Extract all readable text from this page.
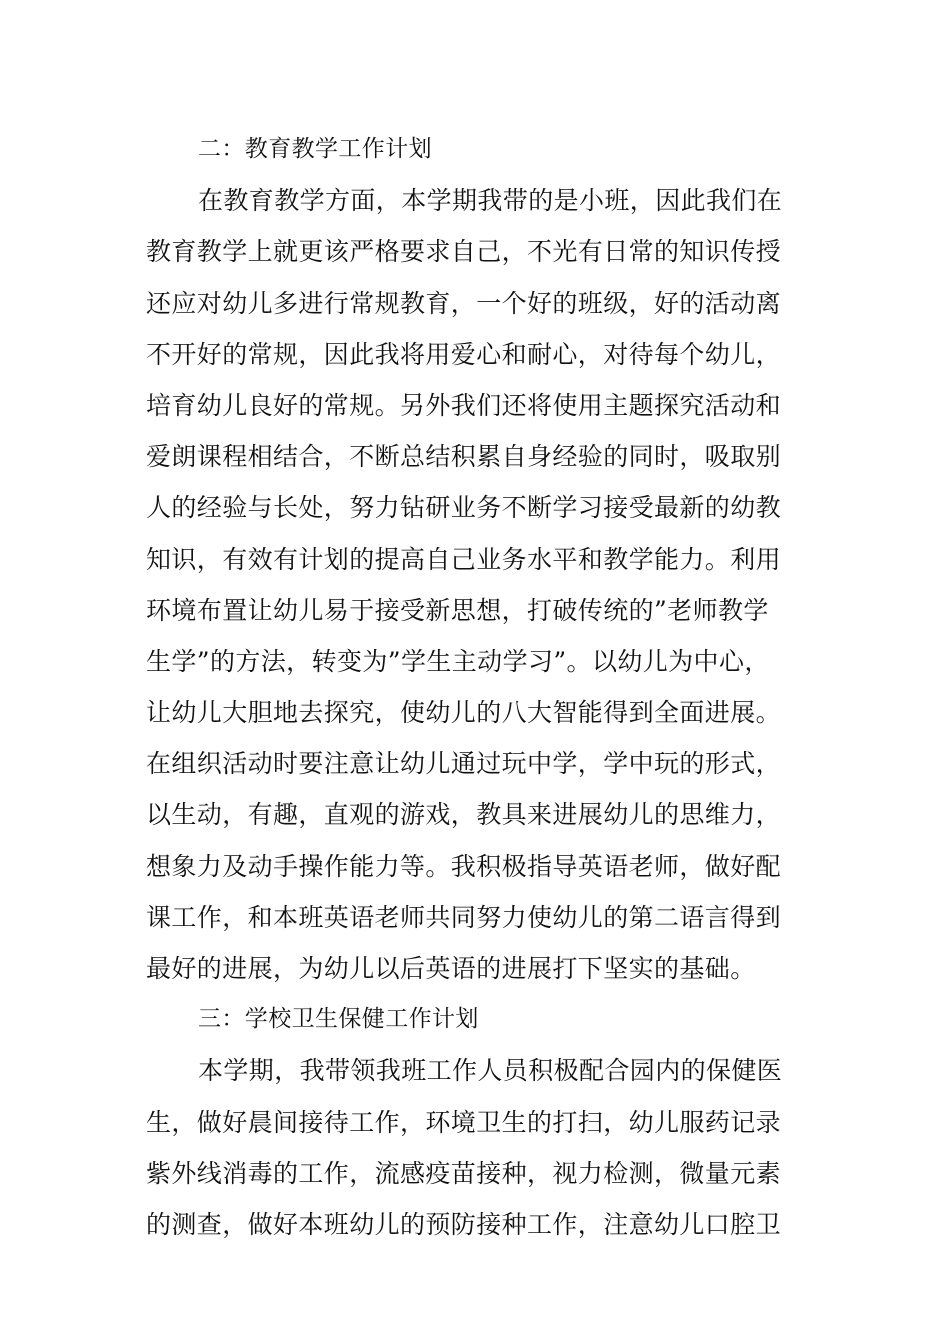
二：教育教学工作计划
在教育教学方面，本学期我带的是小班，因此我们在
教育教学上就更该严格要求自己，不光有日常的知识传授
还应对幼儿多进行常规教育，一个好的班级，好的活动离
不开好的常规，因此我将用爱心和耐心，对待每个幼儿，
培育幼儿良好的常规。另外我们还将使用主题探究活动和
爱朗课程相结合，不断总结积累自身经验的同时，吸取别
人的经验与长处，努力钻研业务不断学习接受最新的幼教
知识，有效有计划的提高自己业务水平和教学能力。利用
环境布置让幼儿易于接受新思想，打破传统的”老师教学
生学”的方法，转变为”学生主动学习”。以幼儿为中心，
让幼儿大胆地去探究，使幼儿的八大智能得到全面进展。
在组织活动时要注意让幼儿通过玩中学，学中玩的形式，
以生动，有趣，直观的游戏，教具来进展幼儿的思维力，
想象力及动手操作能力等。我积极指导英语老师，做好配
课工作，和本班英语老师共同努力使幼儿的第二语言得到
最好的进展，为幼儿以后英语的进展打下坚实的基础。
三：学校卫生保健工作计划
本学期，我带领我班工作人员积极配合园内的保健医
生，做好晨间接待工作，环境卫生的打扫，幼儿服药记录
紫外线消毒的工作，流感疫苗接种，视力检测，微量元素
的测查，做好本班幼儿的预防接种工作，注意幼儿口腔卫
